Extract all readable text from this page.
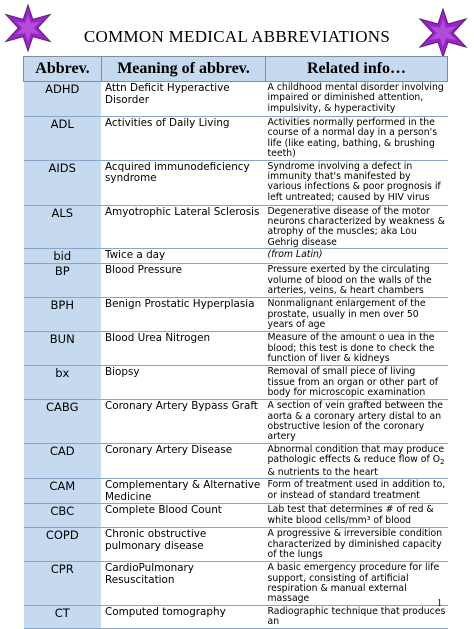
COMMON MEDICAL ABBREVIATIONS
Abbrev.	Meaning of abbrev.	Related info…
ADHD	Attn Deficit Hyperactive Disorder	A childhood mental disorder involving impaired or diminished attention, impulsivity, & hyperactivity
ADL	Activities of Daily Living	Activities normally performed in the course of a normal day in a person's life (like eating, bathing, & brushing teeth)
AIDS	Acquired immunodeficiency syndrome	Syndrome involving a defect in immunity that's manifested by various infections & poor prognosis if left untreated; caused by HIV virus
ALS	Amyotrophic Lateral Sclerosis	Degenerative disease of the motor neurons characterized by weakness & atrophy of the muscles; aka Lou Gehrig disease
bid	Twice a day	(from Latin)
BP	Blood Pressure	Pressure exerted by the circulating volume of blood on the walls of the arteries, veins, & heart chambers
BPH	Benign Prostatic Hyperplasia	Nonmalignant enlargement of the prostate, usually in men over 50 years of age
BUN	Blood Urea Nitrogen	Measure of the amount o uea in the blood; this test is done to check the function of liver & kidneys
bx	Biopsy	Removal of small piece of living tissue from an organ or other part of body for microscopic examination
CABG	Coronary Artery Bypass Graft	A section of vein grafted between the aorta & a coronary artery distal to an obstructive lesion of the coronary artery
CAD	Coronary Artery Disease	Abnormal condition that may produce pathologic effects & reduce flow of $O_2$ & nutrients to the heart
CAM	Complementary & Alternative Medicine	Form of treatment used in addition to, or instead of standard treatment
CBC	Complete Blood Count	Lab test that determines # of red & white blood cells/mm³ of blood
COPD	Chronic obstructive pulmonary disease	A progressive & irreversible condition characterized by diminished capacity of the lungs
CPR	CardioPulmonary Resuscitation	A basic emergency procedure for life support, consisting of artificial respiration & manual external massage
CT	Computed tomography	Radiographic technique that produces an
1
